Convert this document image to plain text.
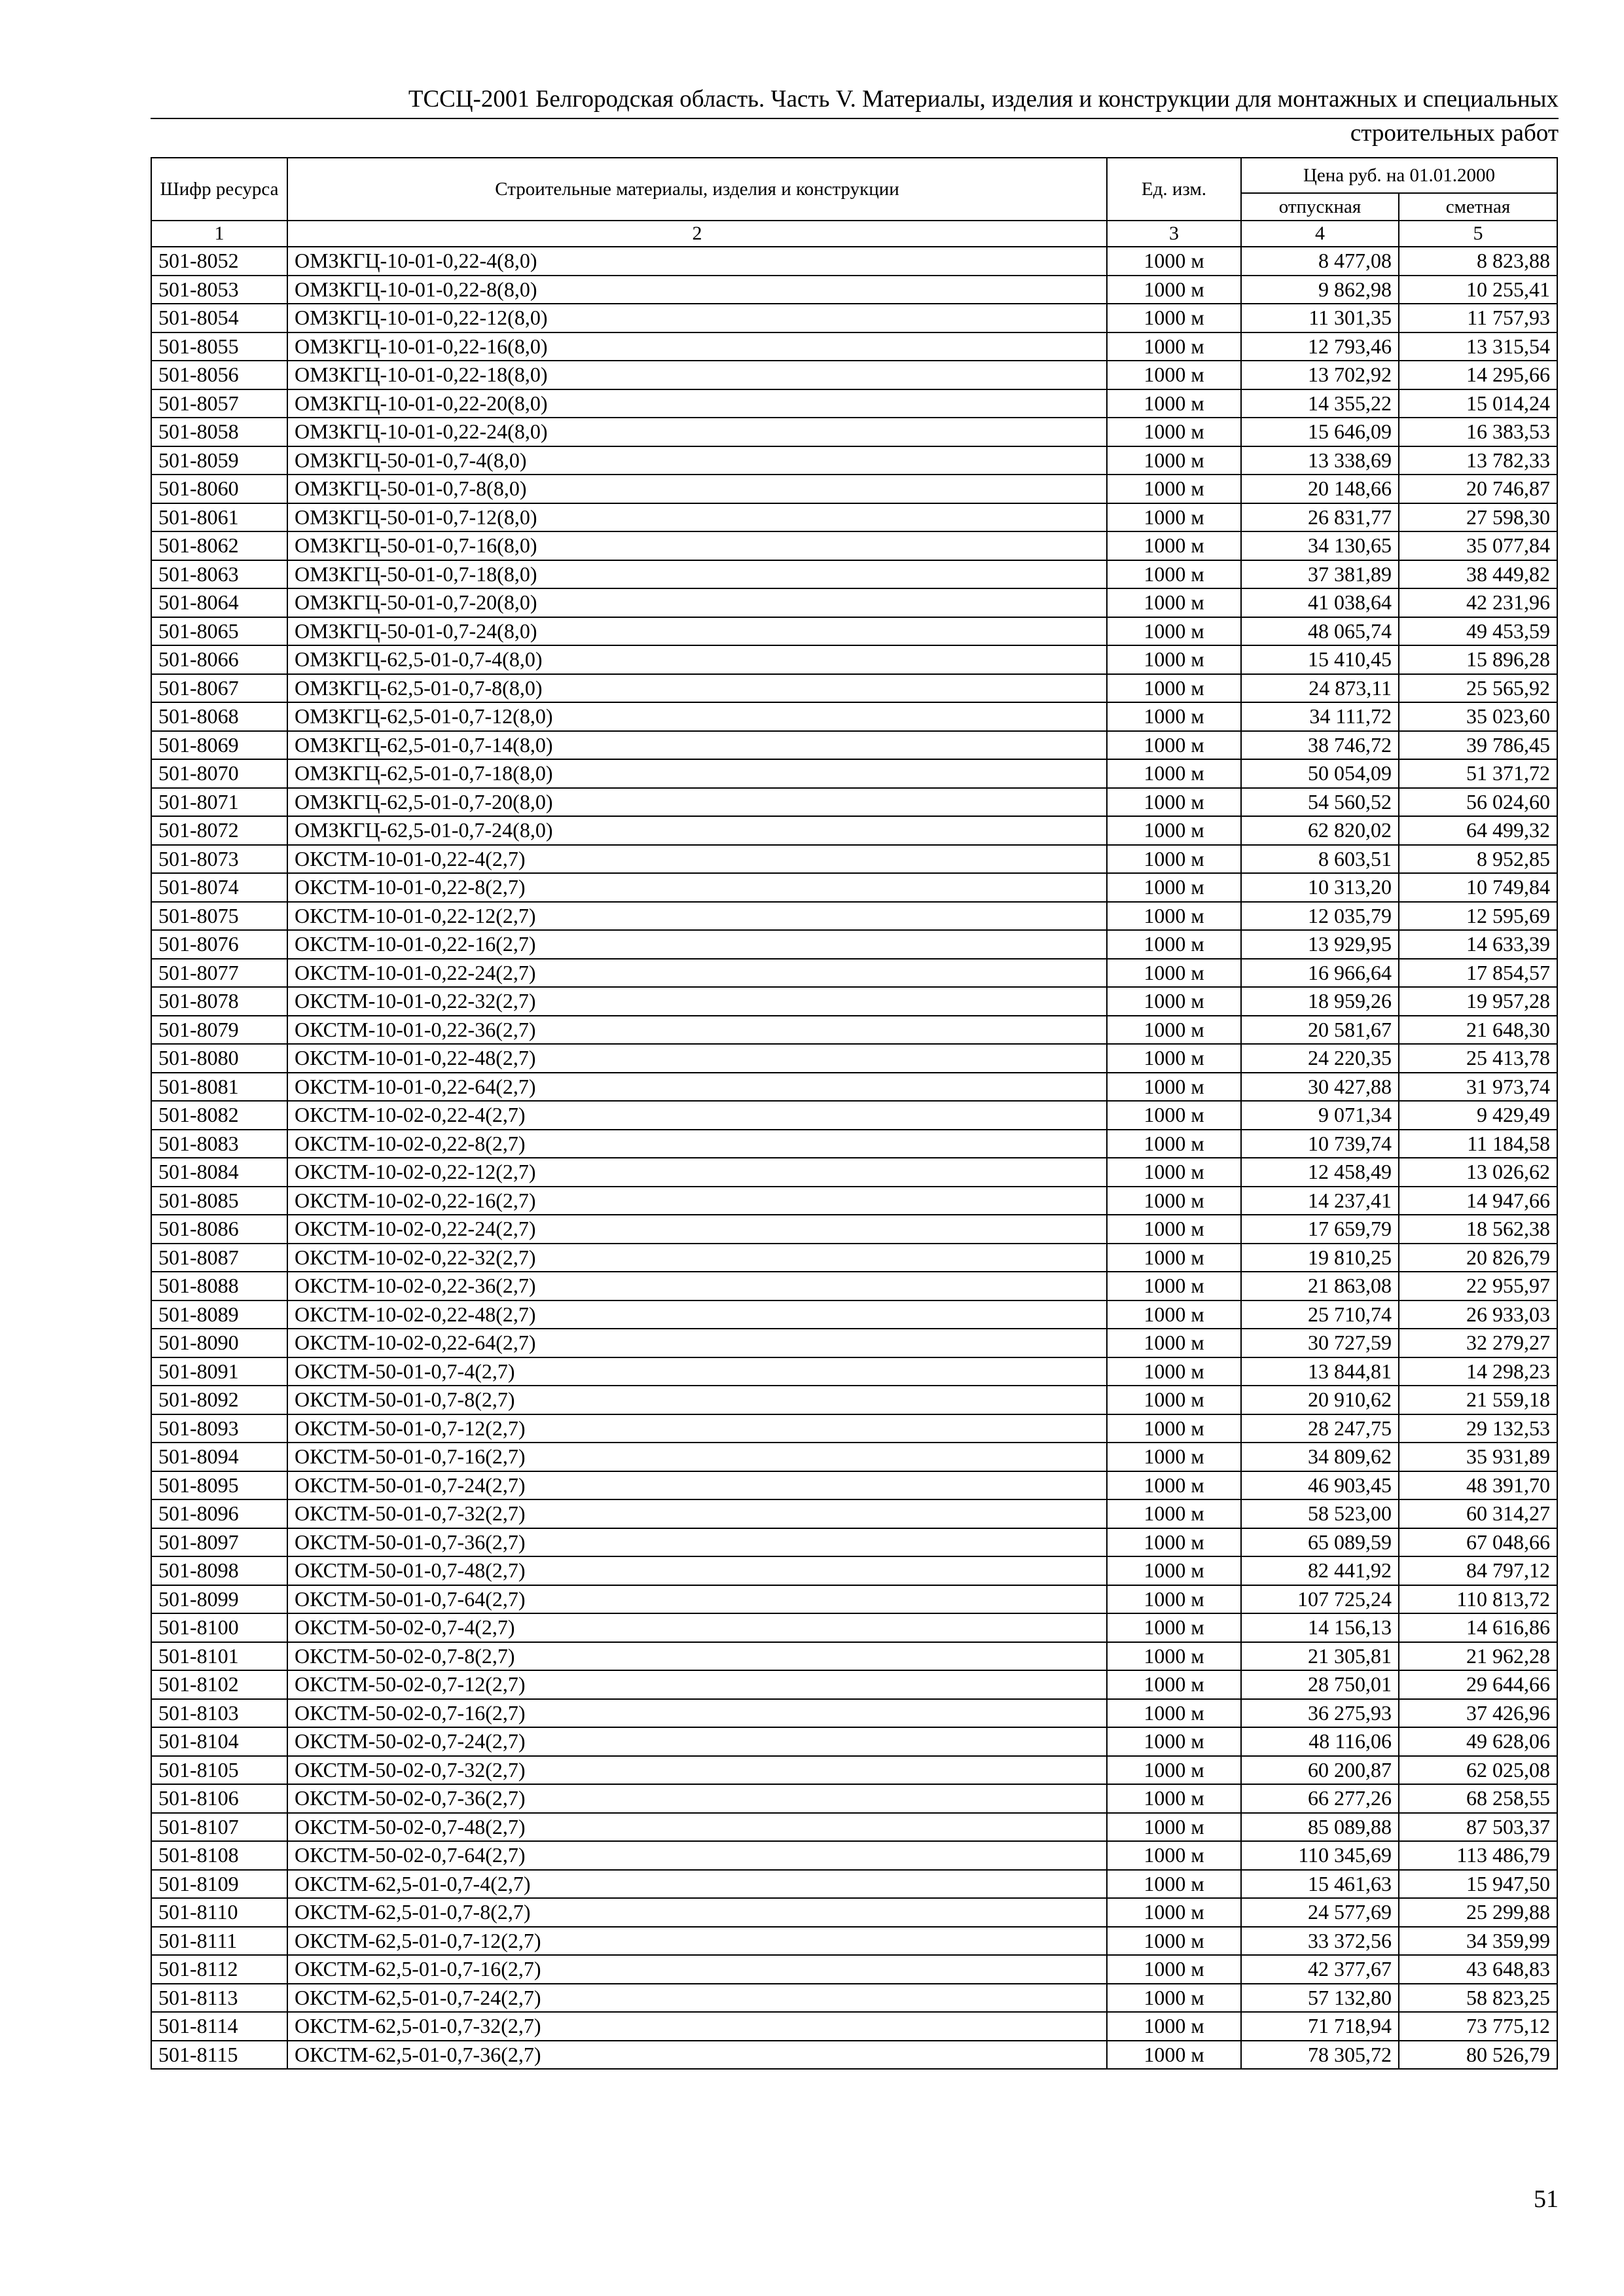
ТССЦ-2001 Белгородская область. Часть V. Материалы, изделия и конструкции для монтажных и специальных
строительных работ
Шифр ресурса	Строительные материалы, изделия и конструкции	Ед. изм.	Цена руб. на 01.01.2000	
			отпускная	сметная
1	2	3	4	5
501-8052	ОМЗКГЦ-10-01-0,22-4(8,0)	1000 м	8 477,08	8 823,88
501-8053	ОМЗКГЦ-10-01-0,22-8(8,0)	1000 м	9 862,98	10 255,41
501-8054	ОМЗКГЦ-10-01-0,22-12(8,0)	1000 м	11 301,35	11 757,93
501-8055	ОМЗКГЦ-10-01-0,22-16(8,0)	1000 м	12 793,46	13 315,54
501-8056	ОМЗКГЦ-10-01-0,22-18(8,0)	1000 м	13 702,92	14 295,66
501-8057	ОМЗКГЦ-10-01-0,22-20(8,0)	1000 м	14 355,22	15 014,24
501-8058	ОМЗКГЦ-10-01-0,22-24(8,0)	1000 м	15 646,09	16 383,53
501-8059	ОМЗКГЦ-50-01-0,7-4(8,0)	1000 м	13 338,69	13 782,33
501-8060	ОМЗКГЦ-50-01-0,7-8(8,0)	1000 м	20 148,66	20 746,87
501-8061	ОМЗКГЦ-50-01-0,7-12(8,0)	1000 м	26 831,77	27 598,30
501-8062	ОМЗКГЦ-50-01-0,7-16(8,0)	1000 м	34 130,65	35 077,84
501-8063	ОМЗКГЦ-50-01-0,7-18(8,0)	1000 м	37 381,89	38 449,82
501-8064	ОМЗКГЦ-50-01-0,7-20(8,0)	1000 м	41 038,64	42 231,96
501-8065	ОМЗКГЦ-50-01-0,7-24(8,0)	1000 м	48 065,74	49 453,59
501-8066	ОМЗКГЦ-62,5-01-0,7-4(8,0)	1000 м	15 410,45	15 896,28
501-8067	ОМЗКГЦ-62,5-01-0,7-8(8,0)	1000 м	24 873,11	25 565,92
501-8068	ОМЗКГЦ-62,5-01-0,7-12(8,0)	1000 м	34 111,72	35 023,60
501-8069	ОМЗКГЦ-62,5-01-0,7-14(8,0)	1000 м	38 746,72	39 786,45
501-8070	ОМЗКГЦ-62,5-01-0,7-18(8,0)	1000 м	50 054,09	51 371,72
501-8071	ОМЗКГЦ-62,5-01-0,7-20(8,0)	1000 м	54 560,52	56 024,60
501-8072	ОМЗКГЦ-62,5-01-0,7-24(8,0)	1000 м	62 820,02	64 499,32
501-8073	ОКСТМ-10-01-0,22-4(2,7)	1000 м	8 603,51	8 952,85
501-8074	ОКСТМ-10-01-0,22-8(2,7)	1000 м	10 313,20	10 749,84
501-8075	ОКСТМ-10-01-0,22-12(2,7)	1000 м	12 035,79	12 595,69
501-8076	ОКСТМ-10-01-0,22-16(2,7)	1000 м	13 929,95	14 633,39
501-8077	ОКСТМ-10-01-0,22-24(2,7)	1000 м	16 966,64	17 854,57
501-8078	ОКСТМ-10-01-0,22-32(2,7)	1000 м	18 959,26	19 957,28
501-8079	ОКСТМ-10-01-0,22-36(2,7)	1000 м	20 581,67	21 648,30
501-8080	ОКСТМ-10-01-0,22-48(2,7)	1000 м	24 220,35	25 413,78
501-8081	ОКСТМ-10-01-0,22-64(2,7)	1000 м	30 427,88	31 973,74
501-8082	ОКСТМ-10-02-0,22-4(2,7)	1000 м	9 071,34	9 429,49
501-8083	ОКСТМ-10-02-0,22-8(2,7)	1000 м	10 739,74	11 184,58
501-8084	ОКСТМ-10-02-0,22-12(2,7)	1000 м	12 458,49	13 026,62
501-8085	ОКСТМ-10-02-0,22-16(2,7)	1000 м	14 237,41	14 947,66
501-8086	ОКСТМ-10-02-0,22-24(2,7)	1000 м	17 659,79	18 562,38
501-8087	ОКСТМ-10-02-0,22-32(2,7)	1000 м	19 810,25	20 826,79
501-8088	ОКСТМ-10-02-0,22-36(2,7)	1000 м	21 863,08	22 955,97
501-8089	ОКСТМ-10-02-0,22-48(2,7)	1000 м	25 710,74	26 933,03
501-8090	ОКСТМ-10-02-0,22-64(2,7)	1000 м	30 727,59	32 279,27
501-8091	ОКСТМ-50-01-0,7-4(2,7)	1000 м	13 844,81	14 298,23
501-8092	ОКСТМ-50-01-0,7-8(2,7)	1000 м	20 910,62	21 559,18
501-8093	ОКСТМ-50-01-0,7-12(2,7)	1000 м	28 247,75	29 132,53
501-8094	ОКСТМ-50-01-0,7-16(2,7)	1000 м	34 809,62	35 931,89
501-8095	ОКСТМ-50-01-0,7-24(2,7)	1000 м	46 903,45	48 391,70
501-8096	ОКСТМ-50-01-0,7-32(2,7)	1000 м	58 523,00	60 314,27
501-8097	ОКСТМ-50-01-0,7-36(2,7)	1000 м	65 089,59	67 048,66
501-8098	ОКСТМ-50-01-0,7-48(2,7)	1000 м	82 441,92	84 797,12
501-8099	ОКСТМ-50-01-0,7-64(2,7)	1000 м	107 725,24	110 813,72
501-8100	ОКСТМ-50-02-0,7-4(2,7)	1000 м	14 156,13	14 616,86
501-8101	ОКСТМ-50-02-0,7-8(2,7)	1000 м	21 305,81	21 962,28
501-8102	ОКСТМ-50-02-0,7-12(2,7)	1000 м	28 750,01	29 644,66
501-8103	ОКСТМ-50-02-0,7-16(2,7)	1000 м	36 275,93	37 426,96
501-8104	ОКСТМ-50-02-0,7-24(2,7)	1000 м	48 116,06	49 628,06
501-8105	ОКСТМ-50-02-0,7-32(2,7)	1000 м	60 200,87	62 025,08
501-8106	ОКСТМ-50-02-0,7-36(2,7)	1000 м	66 277,26	68 258,55
501-8107	ОКСТМ-50-02-0,7-48(2,7)	1000 м	85 089,88	87 503,37
501-8108	ОКСТМ-50-02-0,7-64(2,7)	1000 м	110 345,69	113 486,79
501-8109	ОКСТМ-62,5-01-0,7-4(2,7)	1000 м	15 461,63	15 947,50
501-8110	ОКСТМ-62,5-01-0,7-8(2,7)	1000 м	24 577,69	25 299,88
501-8111	ОКСТМ-62,5-01-0,7-12(2,7)	1000 м	33 372,56	34 359,99
501-8112	ОКСТМ-62,5-01-0,7-16(2,7)	1000 м	42 377,67	43 648,83
501-8113	ОКСТМ-62,5-01-0,7-24(2,7)	1000 м	57 132,80	58 823,25
501-8114	ОКСТМ-62,5-01-0,7-32(2,7)	1000 м	71 718,94	73 775,12
501-8115	ОКСТМ-62,5-01-0,7-36(2,7)	1000 м	78 305,72	80 526,79
51
